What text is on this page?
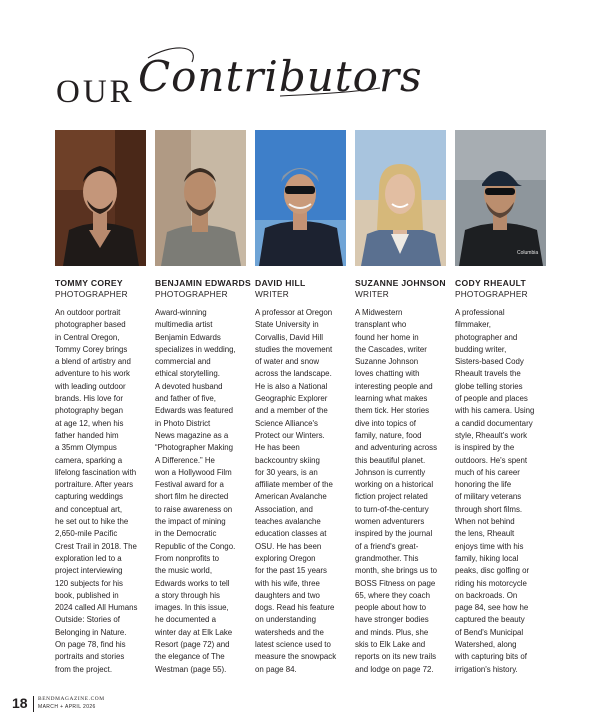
OUR Contributors
Columbia
TOMMY COREY
PHOTOGRAPHER
An outdoor portrait
photographer based
in Central Oregon,
Tommy Corey brings
a blend of artistry and
adventure to his work
with leading outdoor
brands. His love for
photography began
at age 12, when his
father handed him
a 35mm Olympus
camera, sparking a
lifelong fascination with
portraiture. After years
capturing weddings
and conceptual art,
he set out to hike the
2,650-mile Pacific
Crest Trail in 2018. The
exploration led to a
project interviewing
120 subjects for his
book, published in
2024 called All Humans
Outside: Stories of
Belonging in Nature.
On page 78, find his
portraits and stories
from the project.
BENJAMIN EDWARDS
PHOTOGRAPHER
Award-winning
multimedia artist
Benjamin Edwards
specializes in wedding,
commercial and
ethical storytelling.
A devoted husband
and father of five,
Edwards was featured
in Photo District
News magazine as a
“Photographer Making
A Difference.” He
won a Hollywood Film
Festival award for a
short film he directed
to raise awareness on
the impact of mining
in the Democratic
Republic of the Congo.
From nonprofits to
the music world,
Edwards works to tell
a story through his
images. In this issue,
he documented a
winter day at Elk Lake
Resort (page 72) and
the elegance of The
Westman (page 55).
DAVID HILL
WRITER
A professor at Oregon
State University in
Corvallis, David Hill
studies the movement
of water and snow
across the landscape.
He is also a National
Geographic Explorer
and a member of the
Science Alliance's
Protect our Winters.
He has been
backcountry skiing
for 30 years, is an
affiliate member of the
American Avalanche
Association, and
teaches avalanche
education classes at
OSU. He has been
exploring Oregon
for the past 15 years
with his wife, three
daughters and two
dogs. Read his feature
on understanding
watersheds and the
latest science used to
measure the snowpack
on page 84.
SUZANNE JOHNSON
WRITER
A Midwestern
transplant who
found her home in
the Cascades, writer
Suzanne Johnson
loves chatting with
interesting people and
learning what makes
them tick. Her stories
dive into topics of
family, nature, food
and adventuring across
this beautiful planet.
Johnson is currently
working on a historical
fiction project related
to turn-of-the-century
women adventurers
inspired by the journal
of a friend's great-
grandmother. This
month, she brings us to
BOSS Fitness on page
65, where they coach
people about how to
have stronger bodies
and minds. Plus, she
skis to Elk Lake and
reports on its new trails
and lodge on page 72.
CODY RHEAULT
PHOTOGRAPHER
A professional
filmmaker,
photographer and
budding writer,
Sisters-based Cody
Rheault travels the
globe telling stories
of people and places
with his camera. Using
a candid documentary
style, Rheault's work
is inspired by the
outdoors. He's spent
much of his career
honoring the life
of military veterans
through short films.
When not behind
the lens, Rheault
enjoys time with his
family, hiking local
peaks, disc golfing or
riding his motorcycle
on backroads. On
page 84, see how he
captured the beauty
of Bend's Municipal
Watershed, along
with capturing bits of
irrigation's history.
18 BENDMAGAZINE.COM
MARCH + APRIL 2026
